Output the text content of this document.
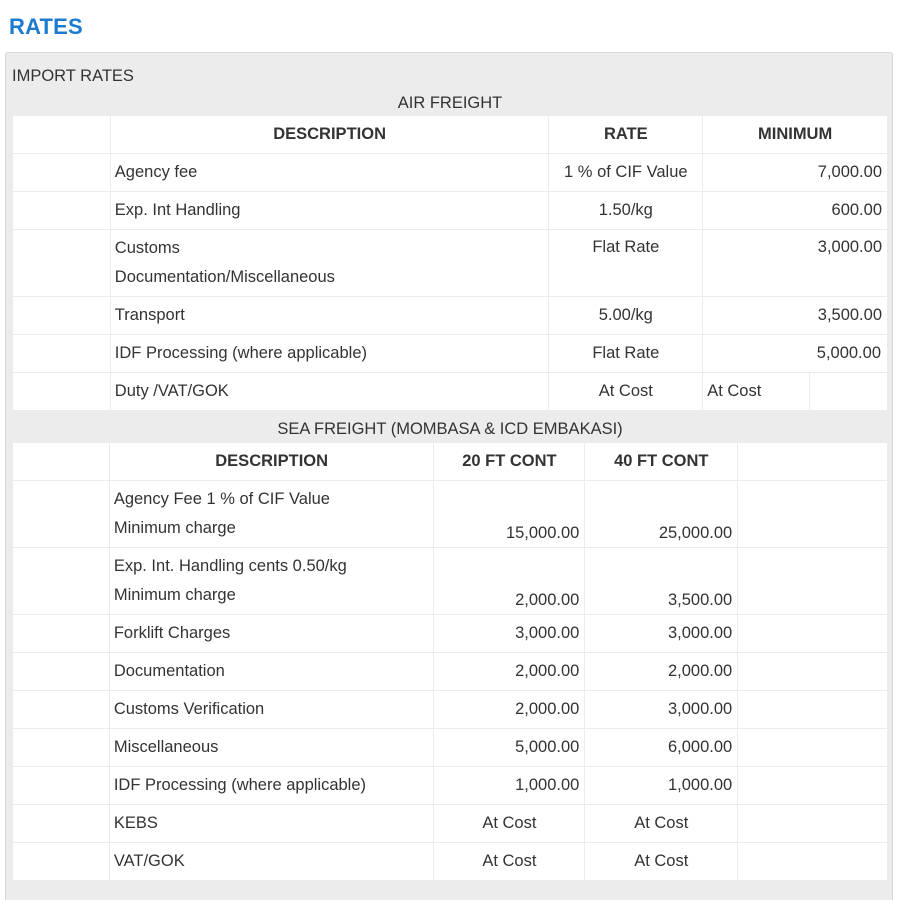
RATES
IMPORT RATES
AIR FREIGHT
	DESCRIPTION	RATE	MINIMUM	
	Agency fee	1 % of CIF Value	7,000.00	
	Exp. Int Handling	1.50/kg	600.00	

	Customs Documentation/Miscellaneous	Flat Rate	3,000.00	
	Transport	5.00/kg	3,500.00	
	IDF Processing (where applicable)	Flat Rate	5,000.00	
	Duty /VAT/GOK	At Cost	At Cost	
SEA FREIGHT (MOMBASA & ICD EMBAKASI)
	DESCRIPTION	20 FT CONT	40 FT CONT	

	Agency Fee 1 % of CIF Value
Minimum charge	15,000.00	25,000.00	

	Exp. Int. Handling cents 0.50/kg
Minimum charge	2,000.00	3,500.00	
	Forklift Charges	3,000.00	3,000.00	
	Documentation	2,000.00	2,000.00	
	Customs Verification	2,000.00	3,000.00	
	Miscellaneous	5,000.00	6,000.00	
	IDF Processing (where applicable)	1,000.00	1,000.00	
	KEBS	At Cost	At Cost	
	VAT/GOK	At Cost	At Cost	
